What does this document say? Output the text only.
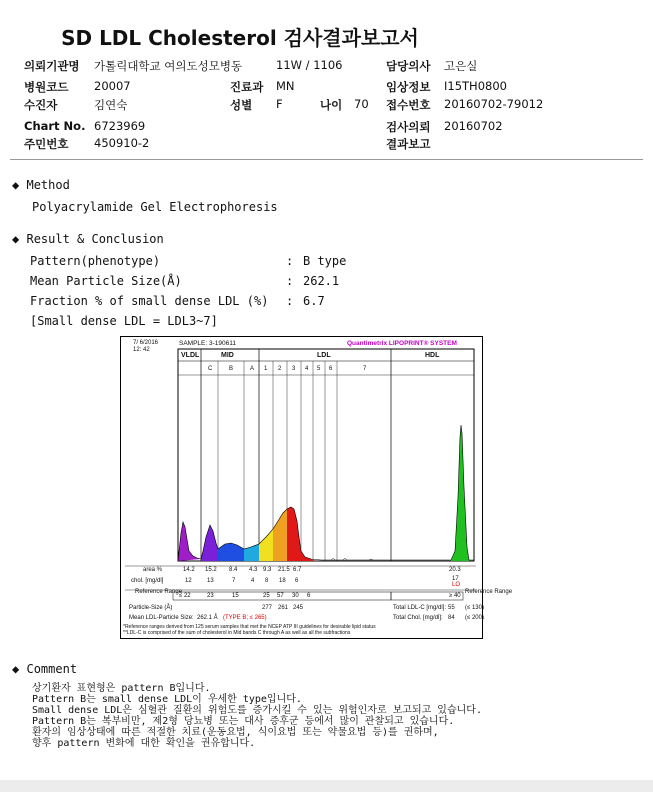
SD LDL Cholesterol 검사결과보고서
의뢰기관명 가톨릭대학교 여의도성모병동	11W / 1106	담당의사 고은실
병원코드 20007	진료과 MN	임상정보 I15TH0800
수진자	김연숙	성별 F	나이 70 접수번호 20160702-79012
Chart No. 6723969	검사의뢰 20160702
주민번호 450910-2	결과보고
◆ Method
Polyacrylamide Gel Electrophoresis
◆ Result & Conclusion
Pattern(phenotype)	: B type
Mean Particle Size(Å)	: 262.1
Fraction % of small dense LDL (%) : 6.7
[Small dense LDL = LDL3~7]
7/ 6/2016
12: 42
SAMPLE: 3-190611	Quantimetrix LIPOPRINT® SYSTEM
VLDL	MID	LDL	HDL
C	B	A 1 2 3 4 5 6	7
area %	14.2 15.2 8.4 4.3 9.3 21.5 6.7	20.3
chol. [mg/dl]	12	13	7	4 8 18 6	17
LO
Reference Range
≤ 22	23	15	25 57 30 6	≥ 40
Reference Range
Particle-Size (Å)	277 261 245	Total LDL-C [mg/dl]: 55 (≤ 130)
Mean LDL-Particle Size: 262.1 Å (TYPE B; ≤ 265)	Total Chol. [mg/dl]: 84 (≤ 200)
*Reference ranges derived from 125 serum samples that met the NCEP ATP III guidelines for desirable lipid status
**LDL-C is comprised of the sum of cholesterol in Mid bands C through A as well as all the subfractions
◆ Comment
상기환자 표현형은 pattern B입니다.
Pattern B는 small dense LDL이 우세한 type입니다.
Small dense LDL은 심혈관 질환의 위험도를 증가시킬 수 있는 위험인자로 보고되고 있습니다.
Pattern B는 복부비만, 제2형 당뇨병 또는 대사 증후군 등에서 많이 관찰되고 있습니다.
환자의 임상상태에 따른 적절한 치료(운동요법, 식이요법 또는 약물요법 등)를 권하며,
향후 pattern 변화에 대한 확인을 권유합니다.
